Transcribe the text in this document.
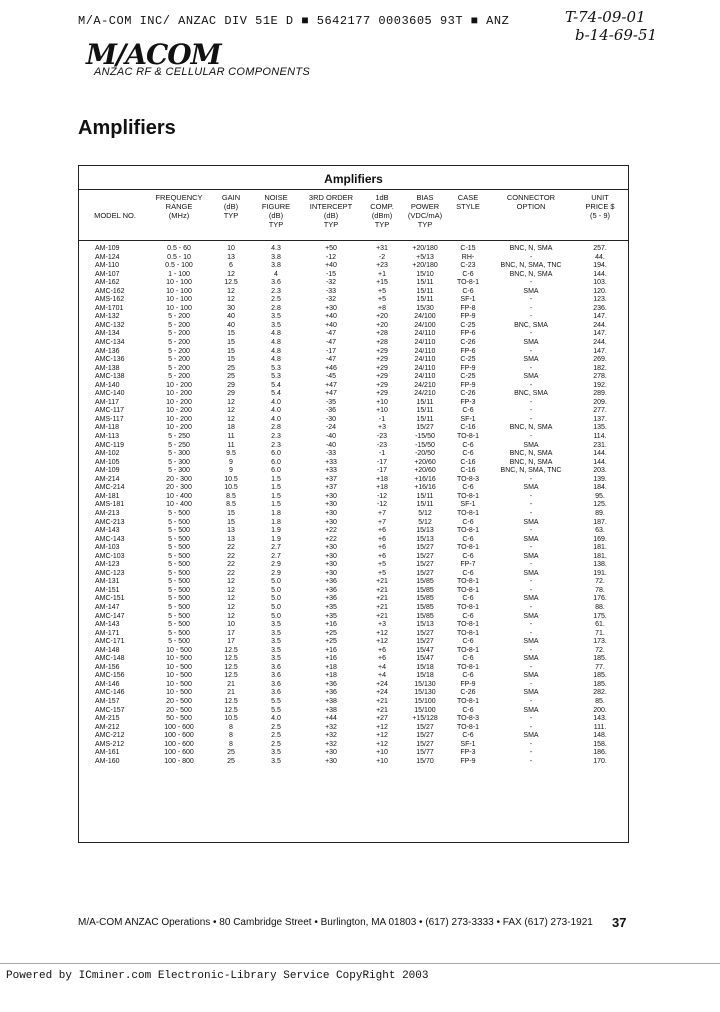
M/A-COM INC/ ANZAC DIV 51E D ■ 5642177 0003605 93T ■ ANZ	T-74-09-01
b-14-69-51
M/ACOM
ANZAC RF & CELLULAR COMPONENTS
Amplifiers
Amplifiers
MODEL NO.
FREQUENCY
RANGE
(MHz)
GAIN
(dB)
TYP
NOISE
FIGURE
(dB)
TYP
3RD ORDER
INTERCEPT
(dB)
TYP
1dB
COMP.
(dBm)
TYP
BIAS
POWER
(VDC/mA)
TYP
CASE
STYLE
CONNECTOR
OPTION
UNIT
PRICE $
(5 - 9)
AM-109	0.5 - 60	10	4.3	+50	+31	+20/180	C-15	BNC, N, SMA	257.
AM-124	0.5 - 10	13	3.8	-12	-2	+5/13	RH-	-	44.
AM-110	0.5 - 100	6	3.8	+40	+23	+20/180	C-23	BNC, N, SMA, TNC	194.
AM-107	1 - 100	12	4	-15	+1	15/10	C-6	BNC, N, SMA	144.
AM-162	10 - 100	12.5	3.6	-32	+15	15/11	TO-8-1	-	103.
AMC-162	10 - 100	12	2.3	-33	+5	15/11	C-6	SMA	120.
AMS-162	10 - 100	12	2.5	-32	+5	15/11	SF-1	-	123.
AM-1701	10 - 100	30	2.8	+30	+8	15/30	FP-8	-	236.
AM-132	5 - 200	40	3.5	+40	+20	24/100	FP-9	-	147.
AMC-132	5 - 200	40	3.5	+40	+20	24/100	C-25	BNC, SMA	244.
AM-134	5 - 200	15	4.8	-47	+28	24/110	FP-6	-	147.
AMC-134	5 - 200	15	4.8	-47	+28	24/110	C-26	SMA	244.
AM-136	5 - 200	15	4.8	-17	+29	24/110	FP-6	-	147.
AMC-136	5 - 200	15	4.8	-47	+29	24/110	C-25	SMA	269.
AM-138	5 - 200	25	5.3	+46	+29	24/110	FP-9	-	182.
AMC-138	5 - 200	25	5.3	-45	+29	24/110	C-25	SMA	278.
AM-140	10 - 200	29	5.4	+47	+29	24/210	FP-9	-	192.
AMC-140	10 - 200	29	5.4	+47	+29	24/210	C-26	BNC, SMA	289.
AM-117	10 - 200	12	4.0	-35	+10	15/11	FP-3	-	209.
AMC-117	10 - 200	12	4.0	-36	+10	15/11	C-6	-	277.
AMS-117	10 - 200	12	4.0	-30	-1	15/11	SF-1	-	137.
AM-118	10 - 200	18	2.8	-24	+3	15/27	C-16	BNC, N, SMA	135.
AM-113	5 - 250	11	2.3	-40	-23	-15/50	TO-8-1	-	114.
AMC-119	5 - 250	11	2.3	-40	-23	-15/50	C-6	SMA	231.
AM-102	5 - 300	9.5	6.0	-33	-1	-20/50	C-6	BNC, N, SMA	144.
AM-105	5 - 300	9	6.0	+33	-17	+20/60	C-16	BNC, N, SMA	144.
AM-109	5 - 300	9	6.0	+33	-17	+20/60	C-16	BNC, N, SMA, TNC	203.
AM-214	20 - 300	10.5	1.5	+37	+18	+16/16	TO-8-3	-	139.
AMC-214	20 - 300	10.5	1.5	+37	+18	+16/16	C-6	SMA	184.
AM-181	10 - 400	8.5	1.5	+30	-12	15/11	TO-8-1	-	95.
AMS-181	10 - 400	8.5	1.5	+30	-12	15/11	SF-1	-	125.
AM-213	5 - 500	15	1.8	+30	+7	5/12	TO-8-1	-	89.
AMC-213	5 - 500	15	1.8	+30	+7	5/12	C-6	SMA	187.
AM-143	5 - 500	13	1.9	+22	+6	15/13	TO-8-1	-	63.
AMC-143	5 - 500	13	1.9	+22	+6	15/13	C-6	SMA	169.
AM-103	5 - 500	22	2.7	+30	+6	15/27	TO-8-1	-	181.
AMC-103	5 - 500	22	2.7	+30	+6	15/27	C-6	SMA	181.
AM-123	5 - 500	22	2.9	+30	+5	15/27	FP-7	-	138.
AMC-123	5 - 500	22	2.9	+30	+5	15/27	C-6	SMA	191.
AM-131	5 - 500	12	5.0	+36	+21	15/85	TO-8-1	-	72.
AM-151	5 - 500	12	5.0	+36	+21	15/85	TO-8-1	-	78.
AMC-151	5 - 500	12	5.0	+36	+21	15/85	C-6	SMA	176.
AM-147	5 - 500	12	5.0	+35	+21	15/85	TO-8-1	-	88.
AMC-147	5 - 500	12	5.0	+35	+21	15/85	C-6	SMA	175.
AM-143	5 - 500	10	3.5	+16	+3	15/13	TO-8-1	-	61.
AM-171	5 - 500	17	3.5	+25	+12	15/27	TO-8-1	-	71.
AMC-171	5 - 500	17	3.5	+25	+12	15/27	C-6	SMA	173.
AM-148	10 - 500	12.5	3.5	+16	+6	15/47	TO-8-1	-	72.
AMC-148	10 - 500	12.5	3.5	+16	+6	15/47	C-6	SMA	185.
AM-156	10 - 500	12.5	3.6	+18	+4	15/18	TO-8-1	-	77.
AMC-156	10 - 500	12.5	3.6	+18	+4	15/18	C-6	SMA	185.
AM-146	10 - 500	21	3.6	+36	+24	15/130	FP-9	-	185.
AMC-146	10 - 500	21	3.6	+36	+24	15/130	C-26	SMA	282.
AM-157	20 - 500	12.5	5.5	+38	+21	15/100	TO-8-1	-	85.
AMC-157	20 - 500	12.5	5.5	+38	+21	15/100	C-6	SMA	200.
AM-215	50 - 500	10.5	4.0	+44	+27	+15/128	TO-8-3	-	143.
AM-212	100 - 600	8	2.5	+32	+12	15/27	TO-8-1	-	111.
AMC-212	100 - 600	8	2.5	+32	+12	15/27	C-6	SMA	148.
AMS-212	100 - 600	8	2.5	+32	+12	15/27	SF-1	-	158.
AM-161	100 - 600	25	3.5	+30	+10	15/77	FP-3	-	186.
AM-160	100 - 800	25	3.5	+30	+10	15/70	FP-9	-	170.
M/A-COM ANZAC Operations • 80 Cambridge Street • Burlington, MA 01803 • (617) 273-3333 • FAX (617) 273-1921 37
Powered by ICminer.com Electronic-Library Service CopyRight 2003
